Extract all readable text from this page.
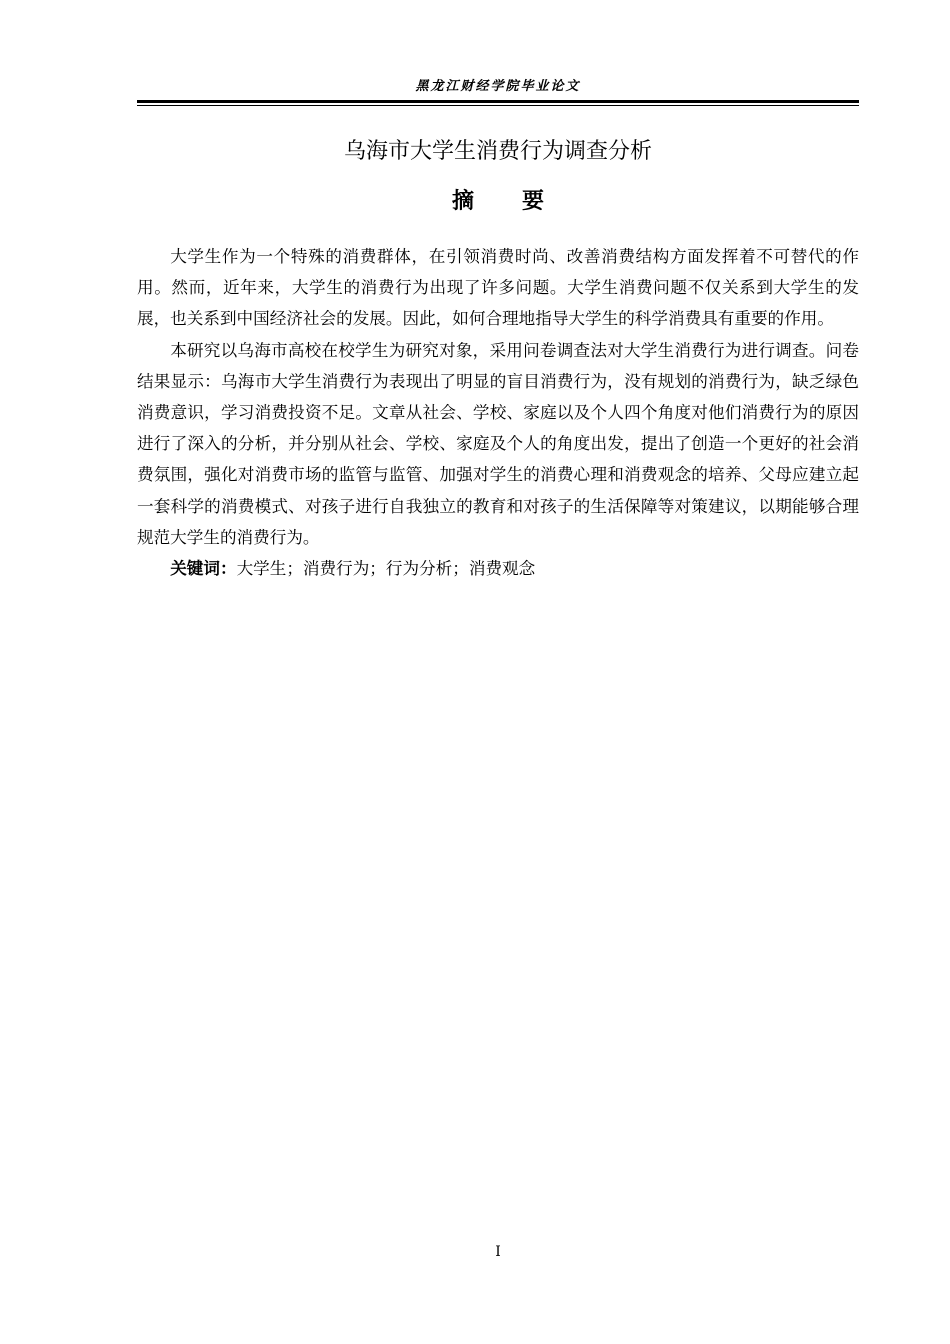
黑龙江财经学院毕业论文
乌海市大学生消费行为调查分析
摘要

大学生作为一个特殊的消费群体，在引领消费时尚、改善消费结构方面发挥着不可替代的作用。然而，近年来，大学生的消费行为出现了许多问题。大学生消费问题不仅关系到大学生的发展，也关系到中国经济社会的发展。因此，如何合理地指导大学生的科学消费具有重要的作用。

本研究以乌海市高校在校学生为研究对象，采用问卷调查法对大学生消费行为进行调查。问卷结果显示：乌海市大学生消费行为表现出了明显的盲目消费行为，没有规划的消费行为，缺乏绿色消费意识，学习消费投资不足。文章从社会、学校、家庭以及个人四个角度对他们消费行为的原因进行了深入的分析，并分别从社会、学校、家庭及个人的角度出发，提出了创造一个更好的社会消费氛围，强化对消费市场的监管与监管、加强对学生的消费心理和消费观念的培养、父母应建立起一套科学的消费模式、对孩子进行自我独立的教育和对孩子的生活保障等对策建议，以期能够合理规范大学生的消费行为。

关键词：大学生；消费行为；行为分析；消费观念

I
